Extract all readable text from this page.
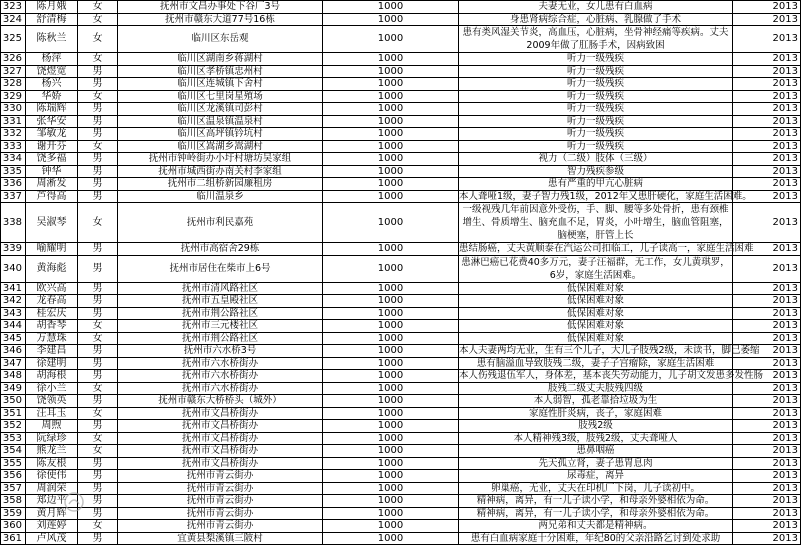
323	陈月娥	女	抚州市文昌办事处下谷厂3号	1000	夫妻无业，女儿患有白血病	2013
324	舒清梅	女	抚州市赣东大道77号16栋	1000	身患肾病综合症，心脏病、乳腺做了手术	2013
325	陈秋兰	女	临川区东岳观	1000	患有类风湿关节炎，高血压，心脏病，坐骨神经痛等疾病。丈夫2009年做了肛肠手术，因病致困	2013
326	杨萍	女	临川区湖南乡蒋湖村	1000	听力一级残疾	2013
327	饶煜宽	男	临川区孝桥镇忠州村	1000	听力一级残疾	2013
328	杨兴	男	临川区连城镇下舍村	1000	听力一级残疾	2013
329	华娇	女	临川区七里岗星殖场	1000	听力一级残疾	2013
330	陈瑞辉	男	临川区龙溪镇司彭村	1000	听力一级残疾	2013
331	张华安	男	临川区温泉镇温泉村	1000	听力一级残疾	2013
332	邹敏龙	男	临川区高坪镇钤坑村	1000	听力一级残疾	2013
333	谢开芬	女	临川区嵩湖乡嵩湖村	1000	听力一级残疾	2013
334	饶多福	男	抚州市钟岭街办小圩村塘坊吴家组	1000	视力（二级）肢体（三级）	2013
335	钟华	男	抚州市城西街办南关村李家组	1000	智力残疾参级	2013
336	周淅发	男	抚州市二组桥新园廉租房	1000	患有严重的甲亢心脏病	2013
337	芦得高	男	临川温泉乡	1000	本人聋哑1级，妻子智力残1级，2012年又患肝硬化，家庭生活困难。	2013
338	吴淑琴	女	抚州市利民嘉苑	1000	一级视残几年前因意外受伤，手、脚、腰等多处骨折，患有颈椎增生、骨质增生、脑充血不足，胃炎，小叶增生，脑血管阻塞，脑梗塞，肝管上长	2013
339	喻耀明	男	抚州市高宿舍29栋	1000	患结肠癌，丈夫黄顺泰在汽运公司扣临工，儿子读高一，家庭生活困难	2013
340	黄海彪	男	抚州市居住在柴市上6号	1000	患淋巴癌已花费40多万元，妻子汪福群，无工作，女儿黄琪罗，6岁，家庭生活困难。	2013
341	欧兴高	男	抚州市清风路社区	1000	低保困难对象	2013
342	龙春高	男	抚州市五皇殿社区	1000	低保困难对象	2013
343	桂宏庆	男	抚州市荆公路社区	1000	低保困难对象	2013
344	胡香琴	女	抚州市三元楼社区	1000	低保困难对象	2013
345	万慧珠	女	抚州市荆公路社区	1000	低保困难对象	2013
346	李建昌	男	抚州市六水桥3号	1000	本人夫妻两均无业，生有三个儿子，大儿子肢残2级，未读书，脚已萎缩	2013
347	徐建明	男	抚州市六水桥街办	1000	患有脑溢血导致肢残二级，妻子子宫瘤除，家庭生活困难	2013
348	胡海根	男	抚州市六水桥街办	1000	本人伤残退伍军人，身体差，基本丧失劳动能力，儿子胡文发患多发性肠	2013
349	徐小兰	女	抚州市六水桥街办	1000	肢残二级丈夫肢残四级	2013
350	饶领英	男	抚州市赣东大桥桥头（城外）	1000	本人弱智，孤老靠拾垃圾为生	2013
351	汪耳玉	女	抚州市文昌桥街办	1000	家庭性肝炎病，丧子，家庭困难	2013
352	周煦	男	抚州市文昌桥街办	1000	肢残2级	2013
353	阮绿珍	女	抚州市文昌桥街办	1000	本人精神残3级，肢残2级，丈夫聋哑人	2013
354	熊龙兰	女	抚州市文昌桥街办	1000	患鼻咽癌	2013
355	陈友根	男	抚州市文昌桥街办	1000	先天孤立肾，妻子患胃息肉	2013
356	徐使伟	男	抚州市青云街办	1000	尿毒症，离异	2013
357	周润荣	男	抚州市青云街办	1000	卵巢癌，无业，丈夫在印机厂下岗，儿子读初中。	2013
358	郑边平	男	抚州市青云街办	1000	精神病，离异，有一儿子读小学，和母亲外婆相依为命。	2013
359	黄月辉	男	抚州市青云街办	1000	精神病，离异，有一儿子读小学，和母亲外婆相依为命。	2013
360	刘莲婷	女	抚州市青云街办	1000	两兄弟和丈夫都是精神病。	2013
361	卢风茂	男	宜黄县梨溪镇三陂村	1000	患有白血病家庭十分困难，年纪80的父亲沿路乞讨到处求助	2013
